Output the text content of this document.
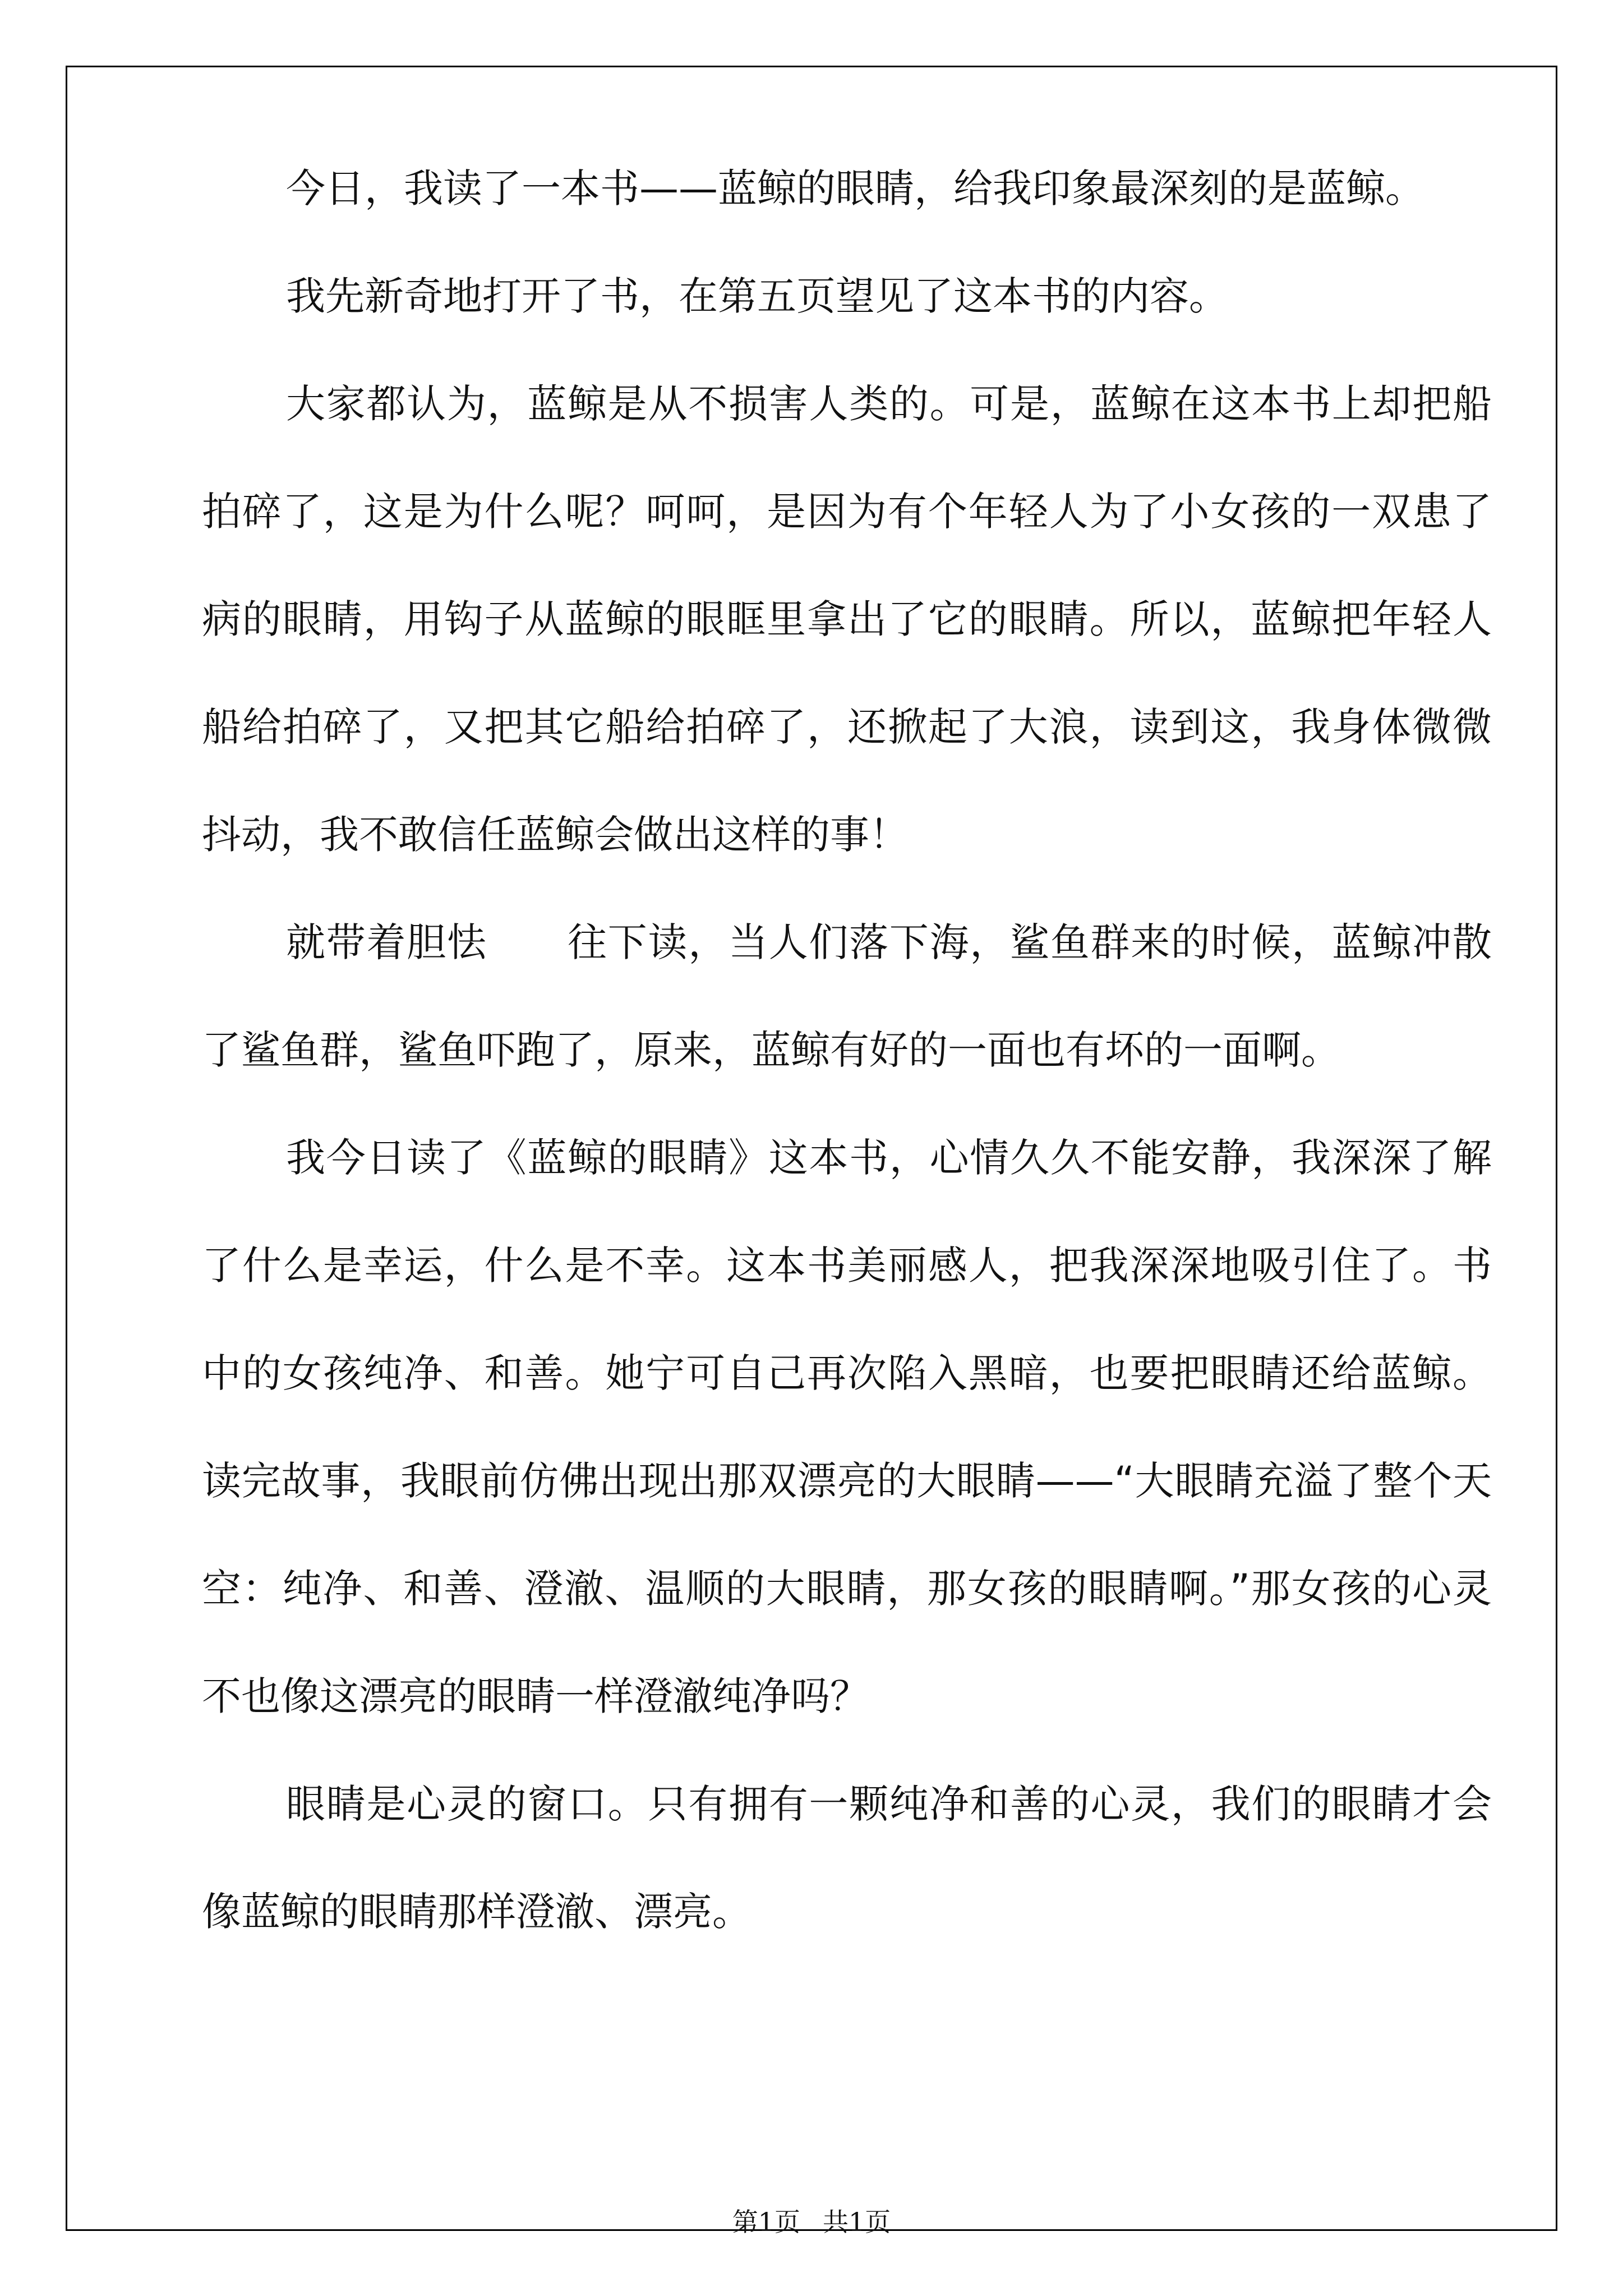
今日，我读了一本书——蓝鲸的眼睛，给我印象最深刻的是蓝鲸。

我先新奇地打开了书，在第五页望见了这本书的内容。

大家都认为，蓝鲸是从不损害人类的。可是，蓝鲸在这本书上却把船拍碎了，这是为什么呢？呵呵，是因为有个年轻人为了小女孩的一双患了病的眼睛，用钩子从蓝鲸的眼眶里拿出了它的眼睛。所以，蓝鲸把年轻人船给拍碎了，又把其它船给拍碎了，还掀起了大浪，读到这，我身体微微抖动，我不敢信任蓝鲸会做出这样的事！

就带着胆怯　　往下读，当人们落下海，鲨鱼群来的时候，蓝鲸冲散了鲨鱼群，鲨鱼吓跑了，原来，蓝鲸有好的一面也有坏的一面啊。

我今日读了《蓝鲸的眼睛》这本书，心情久久不能安静，我深深了解了什么是幸运，什么是不幸。这本书美丽感人，把我深深地吸引住了。书中的女孩纯净、和善。她宁可自己再次陷入黑暗，也要把眼睛还给蓝鲸。读完故事，我眼前仿佛出现出那双漂亮的大眼睛——“大眼睛充溢了整个天空：纯净、和善、澄澈、温顺的大眼睛，那女孩的眼睛啊。”那女孩的心灵不也像这漂亮的眼睛一样澄澈纯净吗？

眼睛是心灵的窗口。只有拥有一颗纯净和善的心灵，我们的眼睛才会像蓝鲸的眼睛那样澄澈、漂亮。

第1页 共1页
